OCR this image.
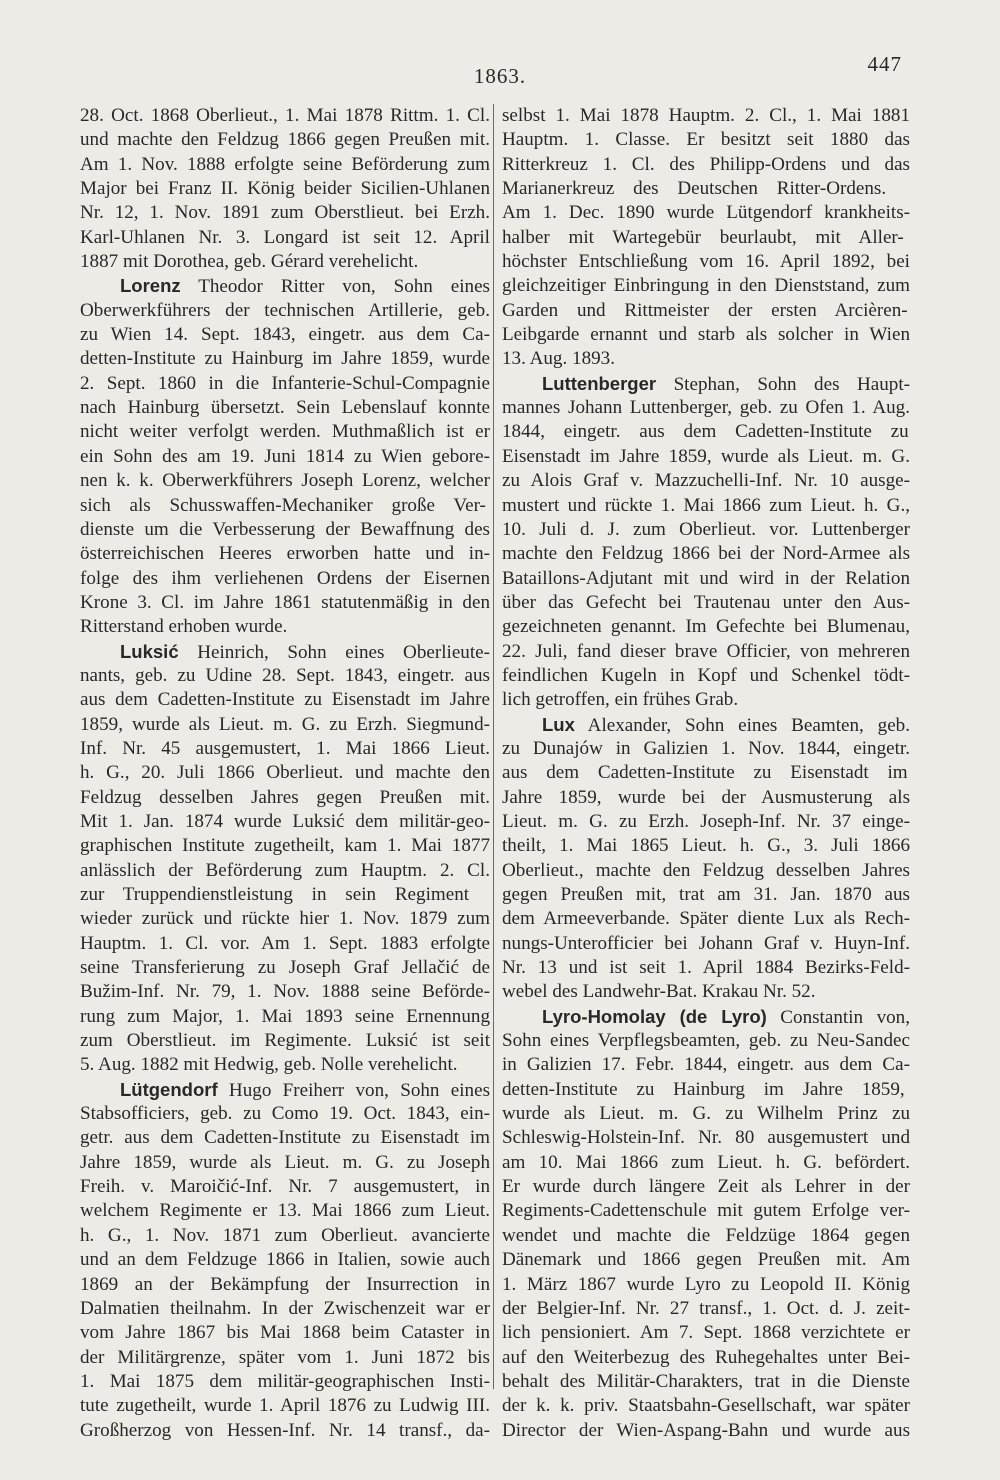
1863.	447
28. Oct. 1868 Oberlieut., 1. Mai 1878 Rittm. 1. Cl.
und machte den Feldzug 1866 gegen Preußen mit.
Am 1. Nov. 1888 erfolgte seine Beförderung zum
Major bei Franz II. König beider Sicilien-Uhlanen
Nr. 12, 1. Nov. 1891 zum Oberstlieut. bei Erzh.
Karl-Uhlanen Nr. 3. Longard ist seit 12. April
1887 mit Dorothea, geb. Gérard verehelicht.
Lorenz Theodor Ritter von, Sohn eines
Oberwerkführers der technischen Artillerie, geb.
zu Wien 14. Sept. 1843, eingetr. aus dem Ca-
detten-Institute zu Hainburg im Jahre 1859, wurde
2. Sept. 1860 in die Infanterie-Schul-Compagnie
nach Hainburg übersetzt. Sein Lebenslauf konnte
nicht weiter verfolgt werden. Muthmaßlich ist er
ein Sohn des am 19. Juni 1814 zu Wien gebore-
nen k. k. Oberwerkführers Joseph Lorenz, welcher
sich als Schusswaffen-Mechaniker große Ver-
dienste um die Verbesserung der Bewaffnung des
österreichischen Heeres erworben hatte und in-
folge des ihm verliehenen Ordens der Eisernen
Krone 3. Cl. im Jahre 1861 statutenmäßig in den
Ritterstand erhoben wurde.
Luksić Heinrich, Sohn eines Oberlieute-
nants, geb. zu Udine 28. Sept. 1843, eingetr. aus
aus dem Cadetten-Institute zu Eisenstadt im Jahre
1859, wurde als Lieut. m. G. zu Erzh. Siegmund-
Inf. Nr. 45 ausgemustert, 1. Mai 1866 Lieut.
h. G., 20. Juli 1866 Oberlieut. und machte den
Feldzug desselben Jahres gegen Preußen mit.
Mit 1. Jan. 1874 wurde Luksić dem militär-geo-
graphischen Institute zugetheilt, kam 1. Mai 1877
anlässlich der Beförderung zum Hauptm. 2. Cl.
zur Truppendienstleistung in sein Regiment
wieder zurück und rückte hier 1. Nov. 1879 zum
Hauptm. 1. Cl. vor. Am 1. Sept. 1883 erfolgte
seine Transferierung zu Joseph Graf Jellačić de
Bužim-Inf. Nr. 79, 1. Nov. 1888 seine Beförde-
rung zum Major, 1. Mai 1893 seine Ernennung
zum Oberstlieut. im Regimente. Luksić ist seit
5. Aug. 1882 mit Hedwig, geb. Nolle verehelicht.
Lütgendorf Hugo Freiherr von, Sohn eines
Stabsofficiers, geb. zu Como 19. Oct. 1843, ein-
getr. aus dem Cadetten-Institute zu Eisenstadt im
Jahre 1859, wurde als Lieut. m. G. zu Joseph
Freih. v. Maroičić-Inf. Nr. 7 ausgemustert, in
welchem Regimente er 13. Mai 1866 zum Lieut.
h. G., 1. Nov. 1871 zum Oberlieut. avancierte
und an dem Feldzuge 1866 in Italien, sowie auch
1869 an der Bekämpfung der Insurrection in
Dalmatien theilnahm. In der Zwischenzeit war er
vom Jahre 1867 bis Mai 1868 beim Cataster in
der Militärgrenze, später vom 1. Juni 1872 bis
1. Mai 1875 dem militär-geographischen Insti-
tute zugetheilt, wurde 1. April 1876 zu Ludwig III.
Großherzog von Hessen-Inf. Nr. 14 transf., da-
selbst 1. Mai 1878 Hauptm. 2. Cl., 1. Mai 1881
Hauptm. 1. Classe. Er besitzt seit 1880 das
Ritterkreuz 1. Cl. des Philipp-Ordens und das
Marianerkreuz des Deutschen Ritter-Ordens.
Am 1. Dec. 1890 wurde Lütgendorf krankheits-
halber mit Wartegebür beurlaubt, mit Aller-
höchster Entschließung vom 16. April 1892, bei
gleichzeitiger Einbringung in den Dienststand, zum
Garden und Rittmeister der ersten Arcièren-
Leibgarde ernannt und starb als solcher in Wien
13. Aug. 1893.
Luttenberger Stephan, Sohn des Haupt-
mannes Johann Luttenberger, geb. zu Ofen 1. Aug.
1844, eingetr. aus dem Cadetten-Institute zu
Eisenstadt im Jahre 1859, wurde als Lieut. m. G.
zu Alois Graf v. Mazzuchelli-Inf. Nr. 10 ausge-
mustert und rückte 1. Mai 1866 zum Lieut. h. G.,
10. Juli d. J. zum Oberlieut. vor. Luttenberger
machte den Feldzug 1866 bei der Nord-Armee als
Bataillons-Adjutant mit und wird in der Relation
über das Gefecht bei Trautenau unter den Aus-
gezeichneten genannt. Im Gefechte bei Blumenau,
22. Juli, fand dieser brave Officier, von mehreren
feindlichen Kugeln in Kopf und Schenkel tödt-
lich getroffen, ein frühes Grab.
Lux Alexander, Sohn eines Beamten, geb.
zu Dunajów in Galizien 1. Nov. 1844, eingetr.
aus dem Cadetten-Institute zu Eisenstadt im
Jahre 1859, wurde bei der Ausmusterung als
Lieut. m. G. zu Erzh. Joseph-Inf. Nr. 37 einge-
theilt, 1. Mai 1865 Lieut. h. G., 3. Juli 1866
Oberlieut., machte den Feldzug desselben Jahres
gegen Preußen mit, trat am 31. Jan. 1870 aus
dem Armeeverbande. Später diente Lux als Rech-
nungs-Unterofficier bei Johann Graf v. Huyn-Inf.
Nr. 13 und ist seit 1. April 1884 Bezirks-Feld-
webel des Landwehr-Bat. Krakau Nr. 52.
Lyro-Homolay (de Lyro) Constantin von,
Sohn eines Verpflegsbeamten, geb. zu Neu-Sandec
in Galizien 17. Febr. 1844, eingetr. aus dem Ca-
detten-Institute zu Hainburg im Jahre 1859,
wurde als Lieut. m. G. zu Wilhelm Prinz zu
Schleswig-Holstein-Inf. Nr. 80 ausgemustert und
am 10. Mai 1866 zum Lieut. h. G. befördert.
Er wurde durch längere Zeit als Lehrer in der
Regiments-Cadettenschule mit gutem Erfolge ver-
wendet und machte die Feldzüge 1864 gegen
Dänemark und 1866 gegen Preußen mit. Am
1. März 1867 wurde Lyro zu Leopold II. König
der Belgier-Inf. Nr. 27 transf., 1. Oct. d. J. zeit-
lich pensioniert. Am 7. Sept. 1868 verzichtete er
auf den Weiterbezug des Ruhegehaltes unter Bei-
behalt des Militär-Charakters, trat in die Dienste
der k. k. priv. Staatsbahn-Gesellschaft, war später
Director der Wien-Aspang-Bahn und wurde aus
